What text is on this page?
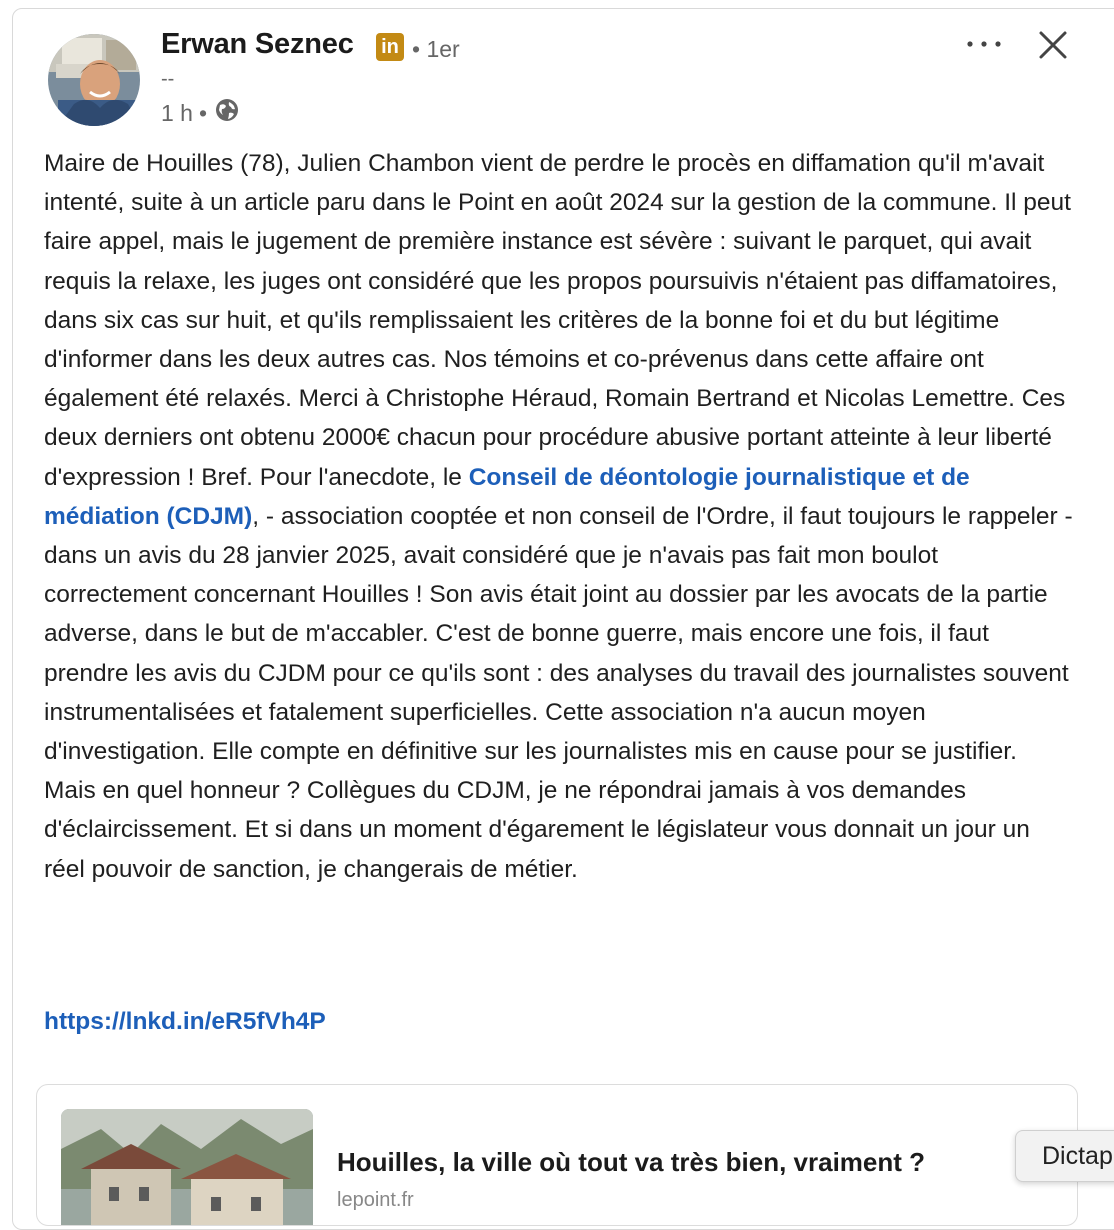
Erwan Seznec in • 1er
--
1 h •

Maire de Houilles (78), Julien Chambon vient de perdre le procès en diffamation qu'il m'avait intenté, suite à un article paru dans le Point en août 2024 sur la gestion de la commune. Il peut faire appel, mais le jugement de première instance est sévère : suivant le parquet, qui avait requis la relaxe, les juges ont considéré que les propos poursuivis n'étaient pas diffamatoires, dans six cas sur huit, et qu'ils remplissaient les critères de la bonne foi et du but légitime d'informer dans les deux autres cas. Nos témoins et co-prévenus dans cette affaire ont également été relaxés. Merci à Christophe Héraud, Romain Bertrand et Nicolas Lemettre. Ces deux derniers ont obtenu 2000€ chacun pour procédure abusive portant atteinte à leur liberté d'expression ! Bref. Pour l'anecdote, le Conseil de déontologie journalistique et de médiation (CDJM), - association cooptée et non conseil de l'Ordre, il faut toujours le rappeler - dans un avis du 28 janvier 2025, avait considéré que je n'avais pas fait mon boulot correctement concernant Houilles ! Son avis était joint au dossier par les avocats de la partie adverse, dans le but de m'accabler. C'est de bonne guerre, mais encore une fois, il faut prendre les avis du CJDM pour ce qu'ils sont : des analyses du travail des journalistes souvent instrumentalisées et fatalement superficielles. Cette association n'a aucun moyen d'investigation. Elle compte en définitive sur les journalistes mis en cause pour se justifier. Mais en quel honneur ? Collègues du CDJM, je ne répondrai jamais à vos demandes d'éclaircissement. Et si dans un moment d'égarement le législateur vous donnait un jour un réel pouvoir de sanction, je changerais de métier.

https://lnkd.in/eR5fVh4P
Houilles, la ville où tout va très bien, vraiment ?
lepoint.fr
Dictap
